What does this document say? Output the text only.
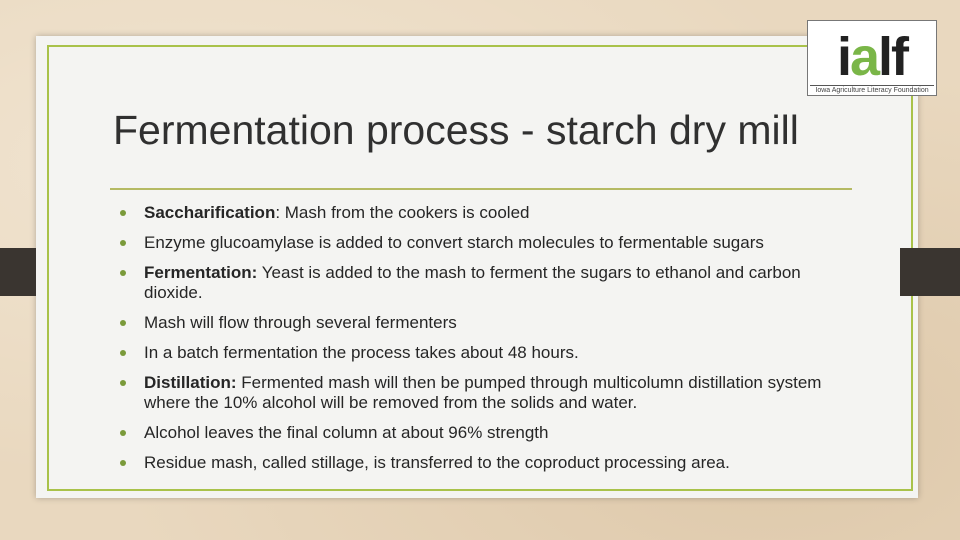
ialf
Iowa Agriculture Literacy Foundation
Fermentation process - starch dry mill
Saccharification: Mash from the cookers is cooled
Enzyme glucoamylase is added to convert starch molecules to fermentable sugars
Fermentation: Yeast is added to the mash to ferment the sugars to ethanol and carbon dioxide.
Mash will flow through several fermenters
In a batch fermentation the process takes about 48 hours.
Distillation: Fermented mash will then be pumped through multicolumn distillation system where the 10% alcohol will be removed from the solids and water.
Alcohol leaves the final column at about 96% strength
Residue mash, called stillage, is transferred to the coproduct processing area.
